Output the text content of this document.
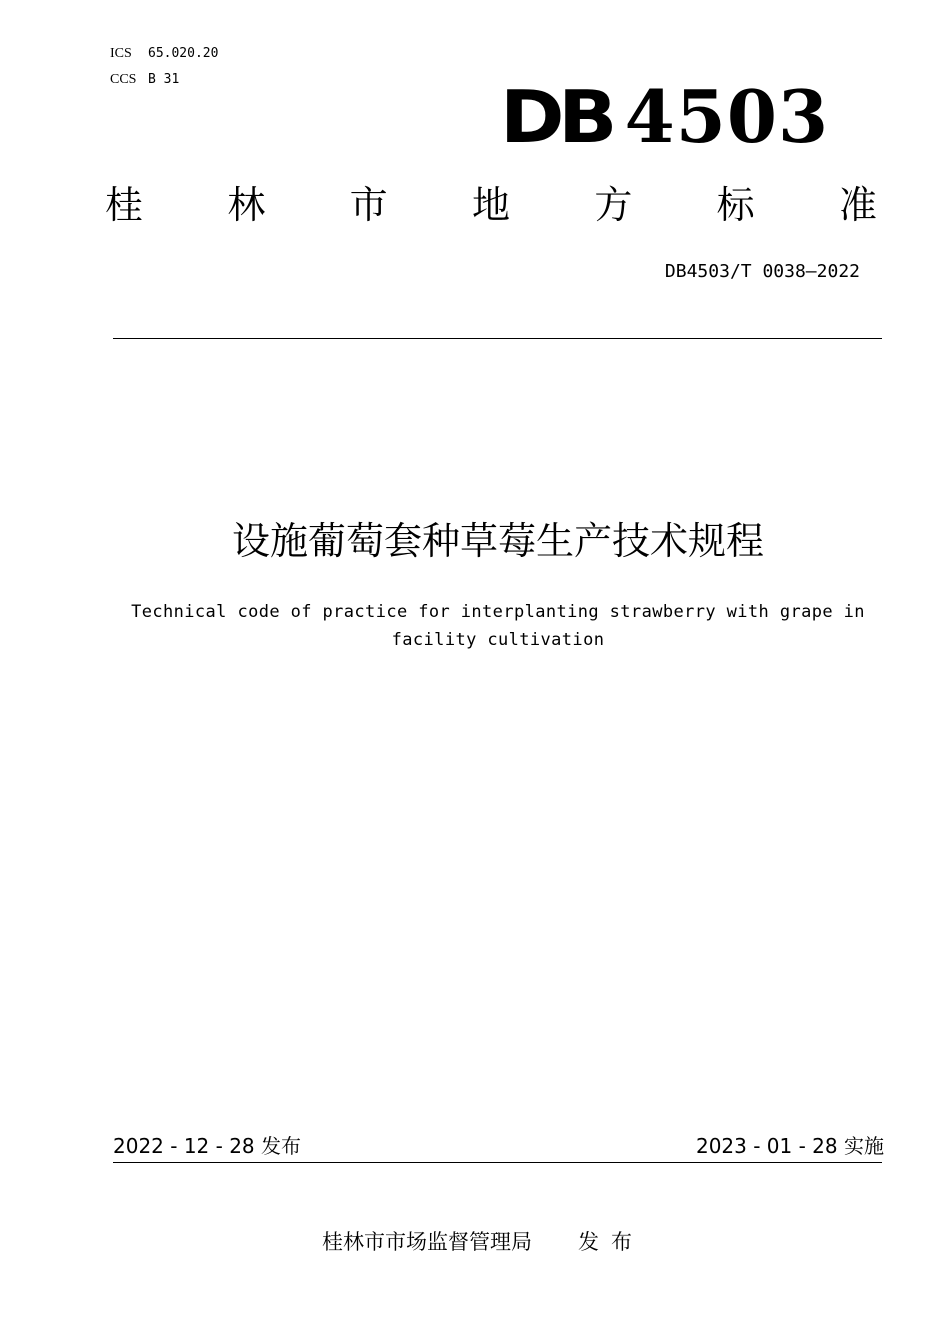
ICS 65.020.20
CCS B 31	DB 4503
桂 林 市 地 方 标 准
DB4503/T 0038—2022
设施葡萄套种草莓生产技术规程
Technical code of practice for interplanting strawberry with grape in facility cultivation
2022 - 12 - 28 发布	2023 - 01 - 28 实施
桂林市市场监督管理局 发布
